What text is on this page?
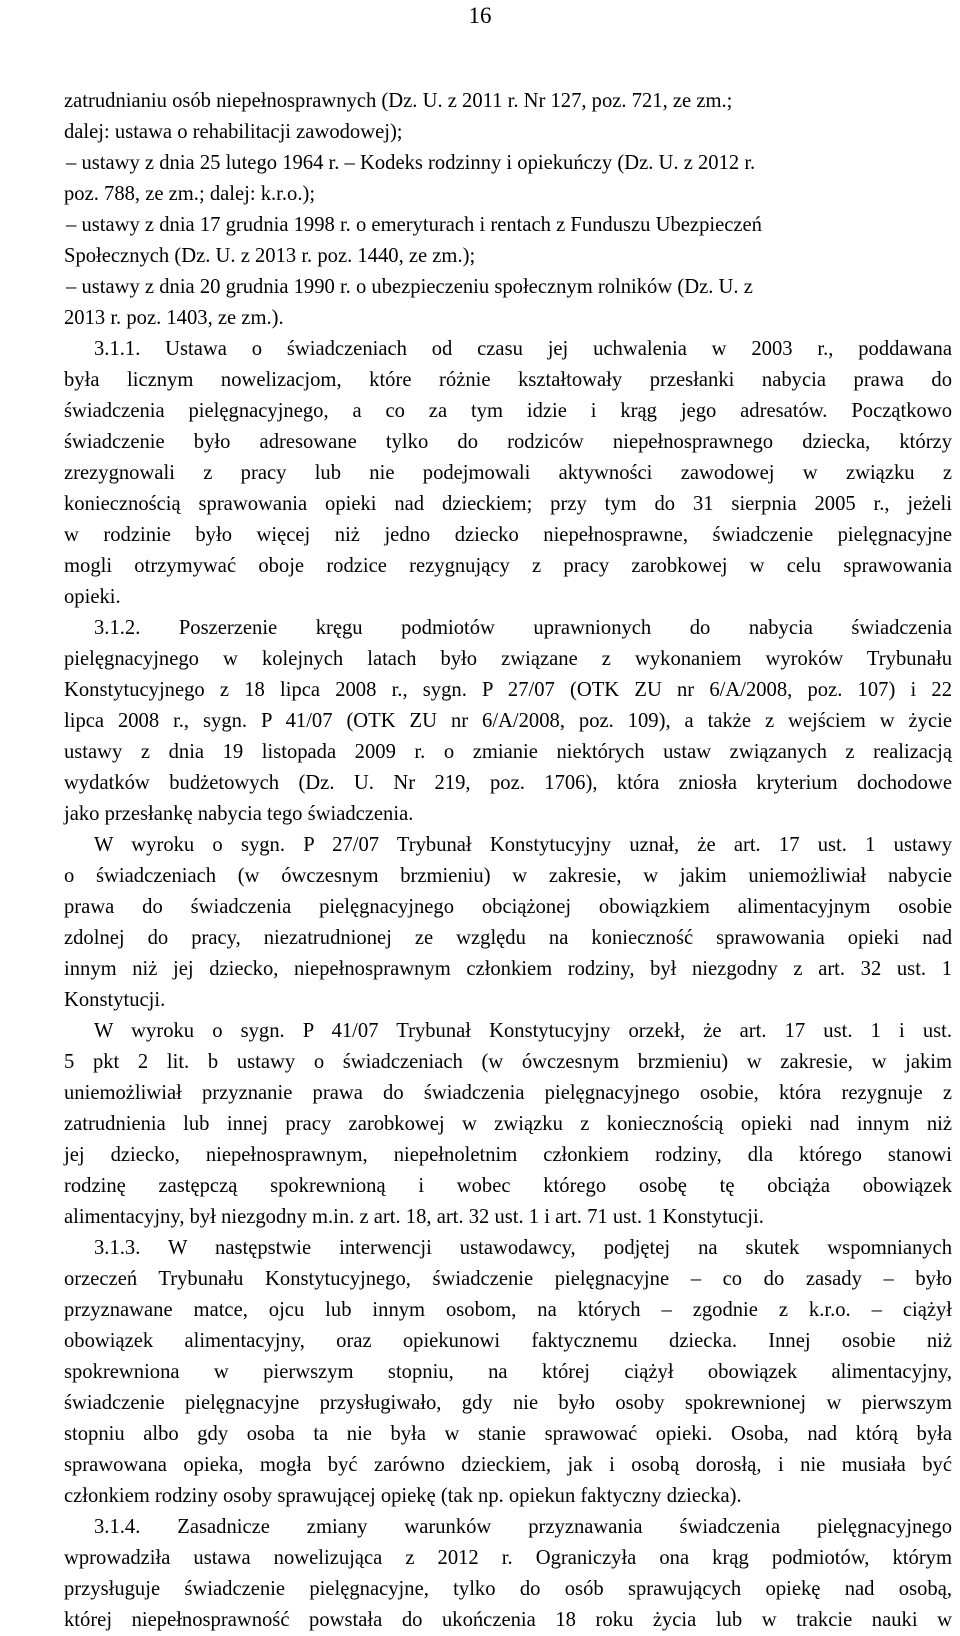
16
zatrudnianiu osób niepełnosprawnych (Dz. U. z 2011 r. Nr 127, poz. 721, ze zm.;
dalej: ustawa o rehabilitacji zawodowej);
– ustawy z dnia 25 lutego 1964 r. – Kodeks rodzinny i opiekuńczy (Dz. U. z 2012 r.
poz. 788, ze zm.; dalej: k.r.o.);
– ustawy z dnia 17 grudnia 1998 r. o emeryturach i rentach z Funduszu Ubezpieczeń
Społecznych (Dz. U. z 2013 r. poz. 1440, ze zm.);
– ustawy z dnia 20 grudnia 1990 r. o ubezpieczeniu społecznym rolników (Dz. U. z
2013 r. poz. 1403, ze zm.).
3.1.1. Ustawa o świadczeniach od czasu jej uchwalenia w 2003 r., poddawana
była licznym nowelizacjom, które różnie kształtowały przesłanki nabycia prawa do
świadczenia pielęgnacyjnego, a co za tym idzie i krąg jego adresatów. Początkowo
świadczenie było adresowane tylko do rodziców niepełnosprawnego dziecka, którzy
zrezygnowali z pracy lub nie podejmowali aktywności zawodowej w związku z
koniecznością sprawowania opieki nad dzieckiem; przy tym do 31 sierpnia 2005 r., jeżeli
w rodzinie było więcej niż jedno dziecko niepełnosprawne, świadczenie pielęgnacyjne
mogli otrzymywać oboje rodzice rezygnujący z pracy zarobkowej w celu sprawowania
opieki.
3.1.2. Poszerzenie kręgu podmiotów uprawnionych do nabycia świadczenia
pielęgnacyjnego w kolejnych latach było związane z wykonaniem wyroków Trybunału
Konstytucyjnego z 18 lipca 2008 r., sygn. P 27/07 (OTK ZU nr 6/A/2008, poz. 107) i 22
lipca 2008 r., sygn. P 41/07 (OTK ZU nr 6/A/2008, poz. 109), a także z wejściem w życie
ustawy z dnia 19 listopada 2009 r. o zmianie niektórych ustaw związanych z realizacją
wydatków budżetowych (Dz. U. Nr 219, poz. 1706), która zniosła kryterium dochodowe
jako przesłankę nabycia tego świadczenia.
W wyroku o sygn. P 27/07 Trybunał Konstytucyjny uznał, że art. 17 ust. 1 ustawy
o świadczeniach (w ówczesnym brzmieniu) w zakresie, w jakim uniemożliwiał nabycie
prawa do świadczenia pielęgnacyjnego obciążonej obowiązkiem alimentacyjnym osobie
zdolnej do pracy, niezatrudnionej ze względu na konieczność sprawowania opieki nad
innym niż jej dziecko, niepełnosprawnym członkiem rodziny, był niezgodny z art. 32 ust. 1
Konstytucji.
W wyroku o sygn. P 41/07 Trybunał Konstytucyjny orzekł, że art. 17 ust. 1 i ust.
5 pkt 2 lit. b ustawy o świadczeniach (w ówczesnym brzmieniu) w zakresie, w jakim
uniemożliwiał przyznanie prawa do świadczenia pielęgnacyjnego osobie, która rezygnuje z
zatrudnienia lub innej pracy zarobkowej w związku z koniecznością opieki nad innym niż
jej dziecko, niepełnosprawnym, niepełnoletnim członkiem rodziny, dla którego stanowi
rodzinę zastępczą spokrewnioną i wobec którego osobę tę obciąża obowiązek
alimentacyjny, był niezgodny m.in. z art. 18, art. 32 ust. 1 i art. 71 ust. 1 Konstytucji.
3.1.3. W następstwie interwencji ustawodawcy, podjętej na skutek wspomnianych
orzeczeń Trybunału Konstytucyjnego, świadczenie pielęgnacyjne – co do zasady – było
przyznawane matce, ojcu lub innym osobom, na których – zgodnie z k.r.o. – ciążył
obowiązek alimentacyjny, oraz opiekunowi faktycznemu dziecka. Innej osobie niż
spokrewniona w pierwszym stopniu, na której ciążył obowiązek alimentacyjny,
świadczenie pielęgnacyjne przysługiwało, gdy nie było osoby spokrewnionej w pierwszym
stopniu albo gdy osoba ta nie była w stanie sprawować opieki. Osoba, nad którą była
sprawowana opieka, mogła być zarówno dzieckiem, jak i osobą dorosłą, i nie musiała być
członkiem rodziny osoby sprawującej opiekę (tak np. opiekun faktyczny dziecka).
3.1.4. Zasadnicze zmiany warunków przyznawania świadczenia pielęgnacyjnego
wprowadziła ustawa nowelizująca z 2012 r. Ograniczyła ona krąg podmiotów, którym
przysługuje świadczenie pielęgnacyjne, tylko do osób sprawujących opiekę nad osobą,
której niepełnosprawność powstała do ukończenia 18 roku życia lub w trakcie nauki w
